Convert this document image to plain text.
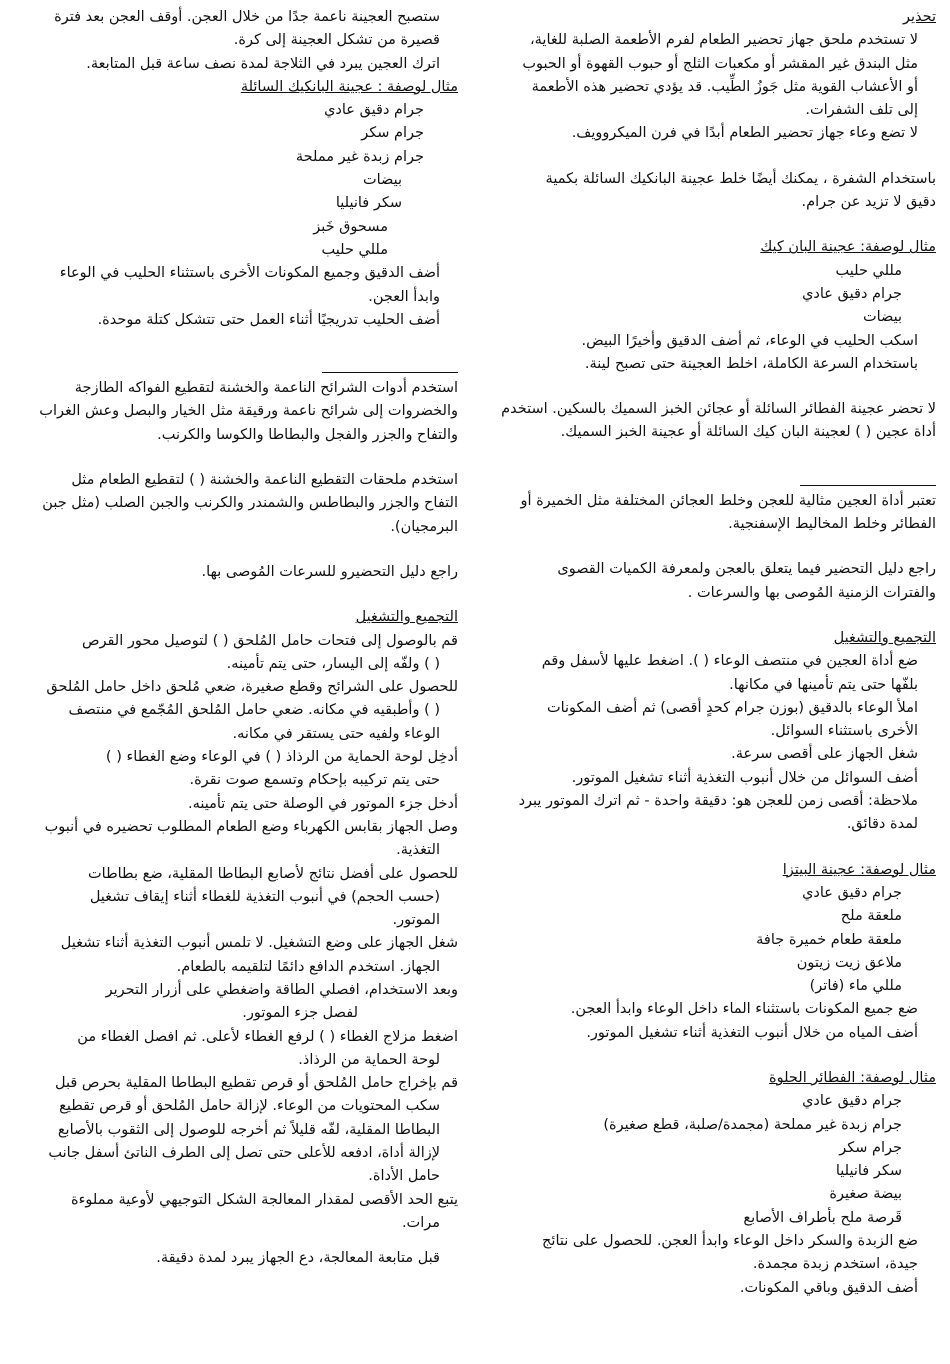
تحذير
لا تستخدم ملحق جهاز تحضير الطعام لفرم الأطعمة الصلبة للغاية،
مثل البندق غير المقشر أو مكعبات الثلج أو حبوب القهوة أو الحبوب
أو الأعشاب القوية مثل جَوزُ الطِّيب. قد يؤدي تحضير هذه الأطعمة
إلى تلف الشفرات.
لا تضع وعاء جهاز تحضير الطعام أبدًا في فرن الميكروويف.
باستخدام الشفرة ، يمكنك أيضًا خلط عجينة البانكيك السائلة بكمية
دقيق لا تزيد عن جرام.
مثال لوصفة: عجينة البان كيك
مللي حليب
جرام دقيق عادي
بيضات
اسكب الحليب في الوعاء، ثم أضف الدقيق وأخيرًا البيض.
باستخدام السرعة الكاملة، اخلط العجينة حتى تصبح لينة.
لا تحضر عجينة الفطائر السائلة أو عجائن الخبز السميك بالسكين. استخدم
أداة عجين ( ) لعجينة البان كيك السائلة أو عجينة الخبز السميك.
تعتبر أداة العجين مثالية للعجن وخلط العجائن المختلفة مثل الخميرة أو
الفطائر وخلط المخاليط الإسفنجية.
راجع دليل التحضير فيما يتعلق بالعجن ولمعرفة الكميات القصوى
والفترات الزمنية المُوصى بها والسرعات .
التجميع والتشغيل
ضع أداة العجين في منتصف الوعاء ( ). اضغط عليها لأسفل وقم
بلفّها حتى يتم تأمينها في مكانها.
املأ الوعاء بالدقيق (بوزن جرام كحدٍ أقصى) ثم أضف المكونات
الأخرى باستثناء السوائل.
شغل الجهاز على أقصى سرعة.
أضف السوائل من خلال أنبوب التغذية أثناء تشغيل الموتور.
ملاحظة: أقصى زمن للعجن هو: دقيقة واحدة - ثم اترك الموتور يبرد
لمدة دقائق.
مثال لوصفة: عجينة البيتزا
جرام دقيق عادي
ملعقة ملح
ملعقة طعام خميرة جافة
ملاعق زيت زيتون
مللي ماء (فاتر)
ضع جميع المكونات باستثناء الماء داخل الوعاء وابدأ العجن.
أضف المياه من خلال أنبوب التغذية أثناء تشغيل الموتور.
مثال لوصفة: الفطائر الحلوة
جرام دقيق عادي
جرام زبدة غير مملحة (مجمدة/صلبة، قطع صغيرة)
جرام سكر
سكر فانيليا
بيضة صغيرة
قَرصة ملح بأطراف الأصابع
ضع الزبدة والسكر داخل الوعاء وابدأ العجن. للحصول على نتائج
جيدة، استخدم زبدة مجمدة.
أضف الدقيق وباقي المكونات.
ستصبح العجينة ناعمة جدًا من خلال العجن. أوقف العجن بعد فترة
قصيرة من تشكل العجينة إلى كرة.
اترك العجين يبرد في الثلاجة لمدة نصف ساعة قبل المتابعة.
مثال لوصفة : عجينة البانكيك السائلة
جرام دقيق عادي
جرام سكر
جرام زبدة غير مملحة
بيضات
سكر فانيليا
مسحوق خَبز
مللي حليب
أضف الدقيق وجميع المكونات الأخرى باستثناء الحليب في الوعاء
وابدأ العجن.
أضف الحليب تدريجيًا أثناء العمل حتى تتشكل كتلة موحدة.
استخدم أدوات الشرائح الناعمة والخشنة لتقطيع الفواكه الطازجة
والخضروات إلى شرائح ناعمة ورقيقة مثل الخيار والبصل وعش الغراب
والتفاح والجزر والفجل والبطاطا والكوسا والكرنب.
استخدم ملحقات التقطيع الناعمة والخشنة ( ) لتقطيع الطعام مثل
التفاح والجزر والبطاطس والشمندر والكرنب والجبن الصلب (مثل جبن
البرمجيان).
راجع دليل التحضيرو للسرعات المُوصى بها.
التجميع والتشغيل
قم بالوصول إلى فتحات حامل المُلحق ( ) لتوصيل محور القرص
( ) ولفّه إلى اليسار، حتى يتم تأمينه.
للحصول على الشرائح وقطع صغيرة، ضعي مُلحق داخل حامل المُلحق
( ) وأطبقيه في مكانه. ضعي حامل المُلحق المُجّمع في منتصف
الوعاء ولفيه حتى يستقر في مكانه.
أدخِل لوحة الحماية من الرذاذ ( ) في الوعاء وضع الغطاء ( )
حتى يتم تركيبه بإحكام وتسمع صوت نقرة.
أدخل جزء الموتور في الوصلة حتى يتم تأمينه.
وصل الجهاز بقابس الكهرباء وضع الطعام المطلوب تحضيره في أنبوب
التغذية.
للحصول على أفضل نتائج لأصابع البطاطا المقلية، ضع بطاطات
(حسب الحجم) في أنبوب التغذية للغطاء أثناء إيقاف تشغيل
الموتور.
شغل الجهاز على وضع التشغيل. لا تلمس أنبوب التغذية أثناء تشغيل
الجهاز. استخدم الدافع دائمًا لتلقيمه بالطعام.
وبعد الاستخدام، افصلي الطاقة واضغطي على أزرار التحرير
لفصل جزء الموتور.
اضغط مزلاج الغطاء ( ) لرفع الغطاء لأعلى. ثم افصل الغطاء من
لوحة الحماية من الرذاذ.
قم بإخراج حامل المُلحق أو قرص تقطيع البطاطا المقلية بحرص قبل
سكب المحتويات من الوعاء. لإزالة حامل المُلحق أو قرص تقطيع
البطاطا المقلية، لفّه قليلاً ثم أخرجه للوصول إلى الثقوب بالأصابع
لإزالة أداة، ادفعه للأعلى حتى تصل إلى الطرف الناتئ أسفل جانب
حامل الأداة.
يتبع الحد الأقصى لمقدار المعالجة الشكل التوجيهي لأوعية مملوءة
مرات.
قبل متابعة المعالجة، دع الجهاز يبرد لمدة دقيقة.
